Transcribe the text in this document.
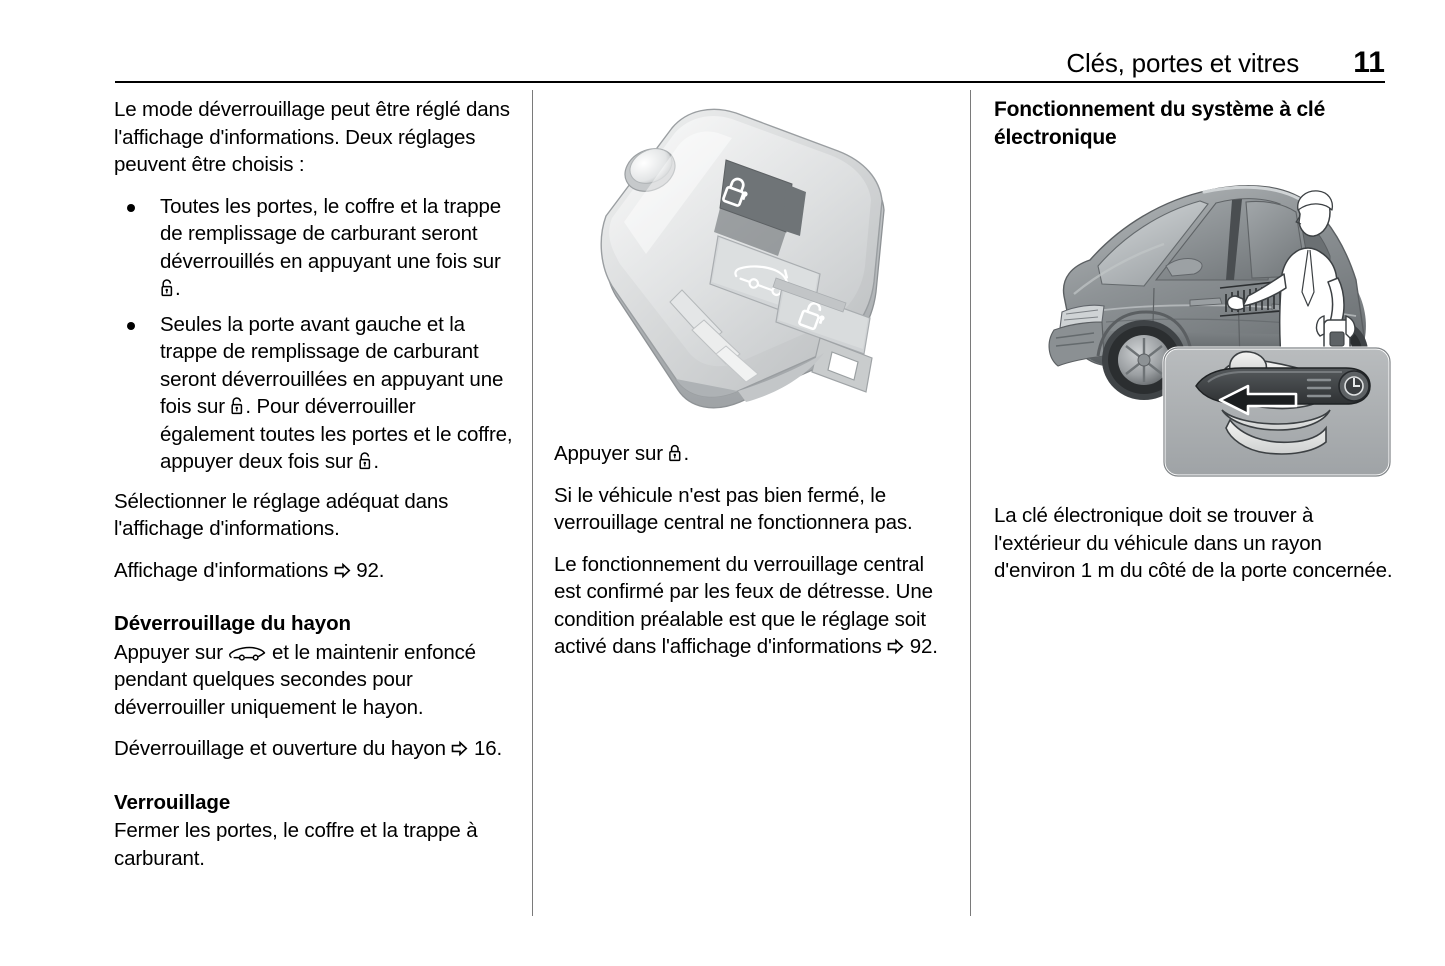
Clés, portes et vitres	11

Le mode déverrouillage peut être réglé dans l'affichage d'informations. Deux réglages peuvent être choisis :

Toutes les portes, le coffre et la trappe de remplissage de carburant seront déverrouillés en appuyant une fois sur
.
Seules la porte avant gauche et la trappe de remplissage de carburant seront déverrouillées en appuyant une fois sur
. Pour déverrouiller également toutes les portes et le coffre, appuyer deux fois sur
.

Sélectionner le réglage adéquat dans l'affichage d'informations.

Affichage d'informations
92.

Déverrouillage du hayon

Appuyer sur
et le maintenir enfoncé pendant quelques secondes pour déverrouiller uniquement le hayon.

Déverrouillage et ouverture du hayon
16.

Verrouillage

Fermer les portes, le coffre et la trappe à carburant.

Appuyer sur
.

Si le véhicule n'est pas bien fermé, le verrouillage central ne fonctionnera pas.

Le fonctionnement du verrouillage central est confirmé par les feux de détresse. Une condition préalable est que le réglage soit activé dans l'affichage d'informations
92.

Fonctionnement du système à clé électronique

La clé électronique doit se trouver à l'extérieur du véhicule dans un rayon d'environ 1 m du côté de la porte concernée.
